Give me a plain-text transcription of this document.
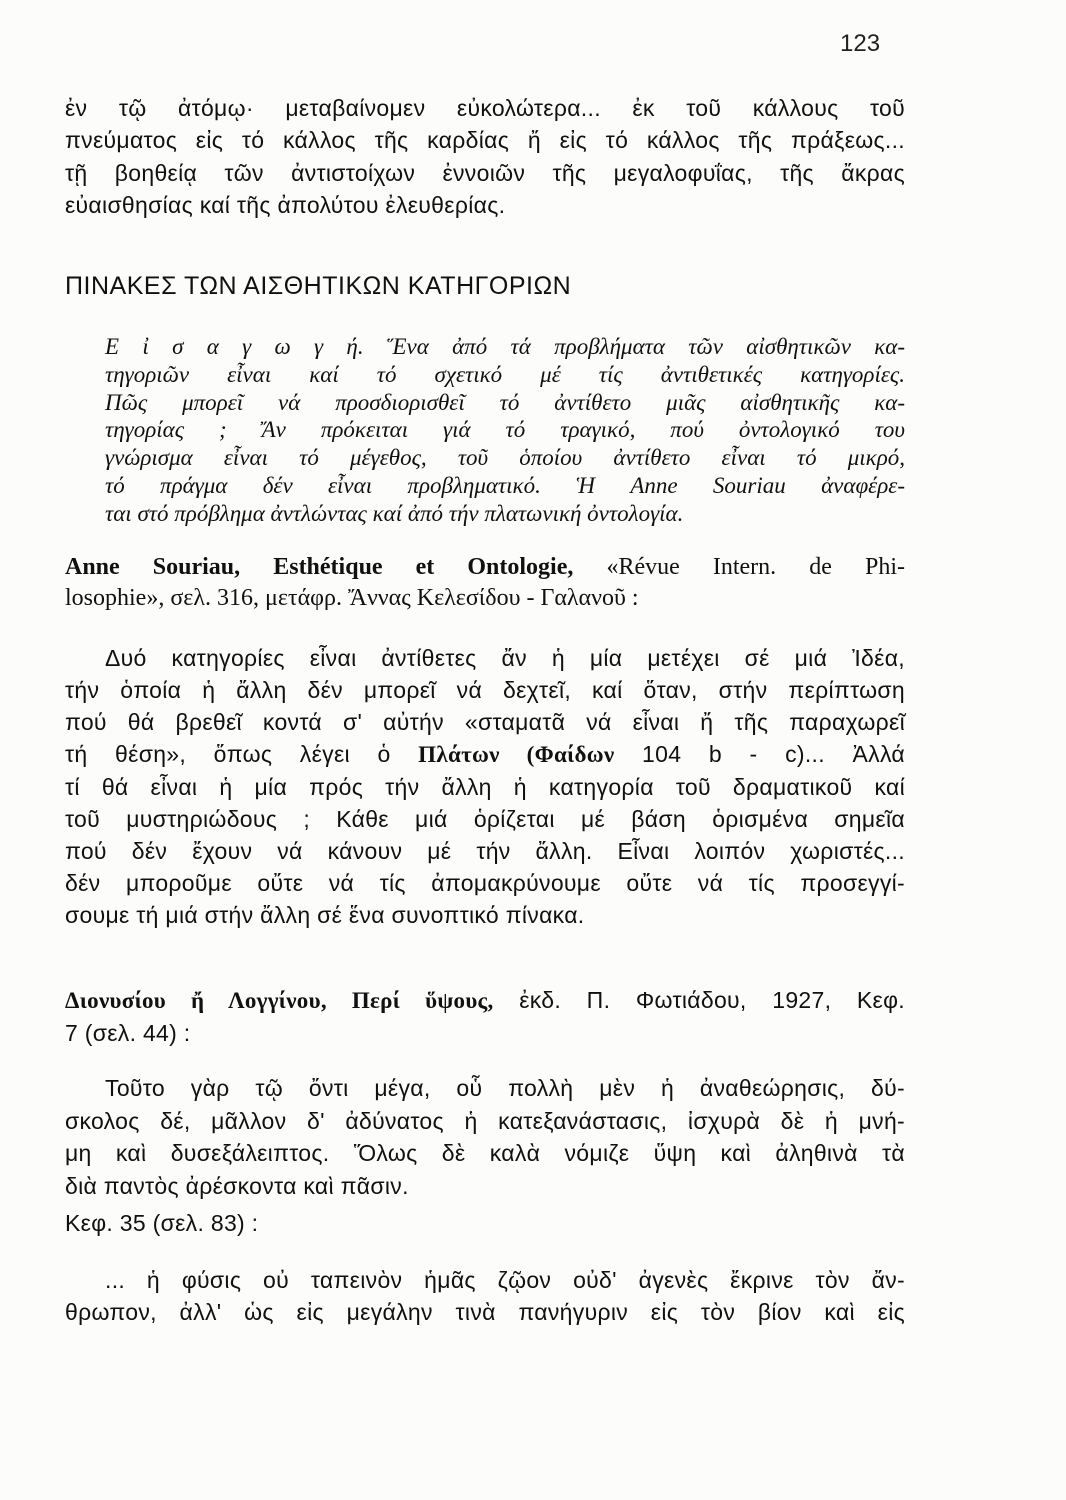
123
ἐν τῷ ἀτόμῳ· μεταβαίνομεν εὐκολώτερα... ἐκ τοῦ κάλλους τοῦ
πνεύματος εἰς τό κάλλος τῆς καρδίας ἤ εἰς τό κάλλος τῆς πράξεως...
τῇ βοηθείᾳ τῶν ἀντιστοίχων ἐννοιῶν τῆς μεγαλοφυΐας, τῆς ἄκρας
εὐαισθησίας καί τῆς ἀπολύτου ἐλευθερίας.
ΠΙΝΑΚΕΣ ΤΩΝ ΑΙΣΘΗΤΙΚΩΝ ΚΑΤΗΓΟΡΙΩΝ
Ε ἰ σ α γ ω γ ή. Ἕνα ἀπό τά προβλήματα τῶν αἰσθητικῶν κα-
τηγοριῶν εἶναι καί τό σχετικό μέ τίς ἀντιθετικές κατηγορίες.
Πῶς μπορεῖ νά προσδιορισθεῖ τό ἀντίθετο μιᾶς αἰσθητικῆς κα-
τηγορίας ; Ἄν πρόκειται γιά τό τραγικό, πού ὀντολογικό του
γνώρισμα εἶναι τό μέγεθος, τοῦ ὁποίου ἀντίθετο εἶναι τό μικρό,
τό πράγμα δέν εἶναι προβληματικό. Ἡ Anne Souriau ἀναφέρε-
ται στό πρόβλημα ἀντλώντας καί ἀπό τήν πλατωνική ὀντολογία.
Anne Souriau, Esthétique et Ontologie, «Révue Intern. de Phi-
losophie», σελ. 316, μετάφρ. Ἄννας Κελεσίδου - Γαλανοῦ :
Δυό κατηγορίες εἶναι ἀντίθετες ἄν ἡ μία μετέχει σέ μιά Ἰδέα,
τήν ὁποία ἡ ἄλλη δέν μπορεῖ νά δεχτεῖ, καί ὅταν, στήν περίπτωση
πού θά βρεθεῖ κοντά σ' αὐτήν «σταματᾶ νά εἶναι ἤ τῆς παραχωρεῖ
τή θέση», ὅπως λέγει ὁ Πλάτων (Φαίδων 104 b - c)... Ἀλλά
τί θά εἶναι ἡ μία πρός τήν ἄλλη ἡ κατηγορία τοῦ δραματικοῦ καί
τοῦ μυστηριώδους ; Κάθε μιά ὁρίζεται μέ βάση ὁρισμένα σημεῖα
πού δέν ἔχουν νά κάνουν μέ τήν ἄλλη. Εἶναι λοιπόν χωριστές...
δέν μποροῦμε οὔτε νά τίς ἀπομακρύνουμε οὔτε νά τίς προσεγγί-
σουμε τή μιά στήν ἄλλη σέ ἕνα συνοπτικό πίνακα.
Διονυσίου ἤ Λογγίνου, Περί ὕψους, ἐκδ. Π. Φωτιάδου, 1927, Κεφ.
7 (σελ. 44) :
Τοῦτο γὰρ τῷ ὄντι μέγα, οὗ πολλὴ μὲν ἡ ἀναθεώρησις, δύ-
σκολος δέ, μᾶλλον δ' ἀδύνατος ἡ κατεξανάστασις, ἰσχυρὰ δὲ ἡ μνή-
μη καὶ δυσεξάλειπτος. Ὅλως δὲ καλὰ νόμιζε ὕψη καὶ ἀληθινὰ τὰ
διὰ παντὸς ἀρέσκοντα καὶ πᾶσιν.
Κεφ. 35 (σελ. 83) :
... ἡ φύσις οὐ ταπεινὸν ἡμᾶς ζῷον οὐδ' ἀγενὲς ἔκρινε τὸν ἄν-
θρωπον, ἀλλ' ὡς εἰς μεγάλην τινὰ πανήγυριν εἰς τὸν βίον καὶ εἰς
